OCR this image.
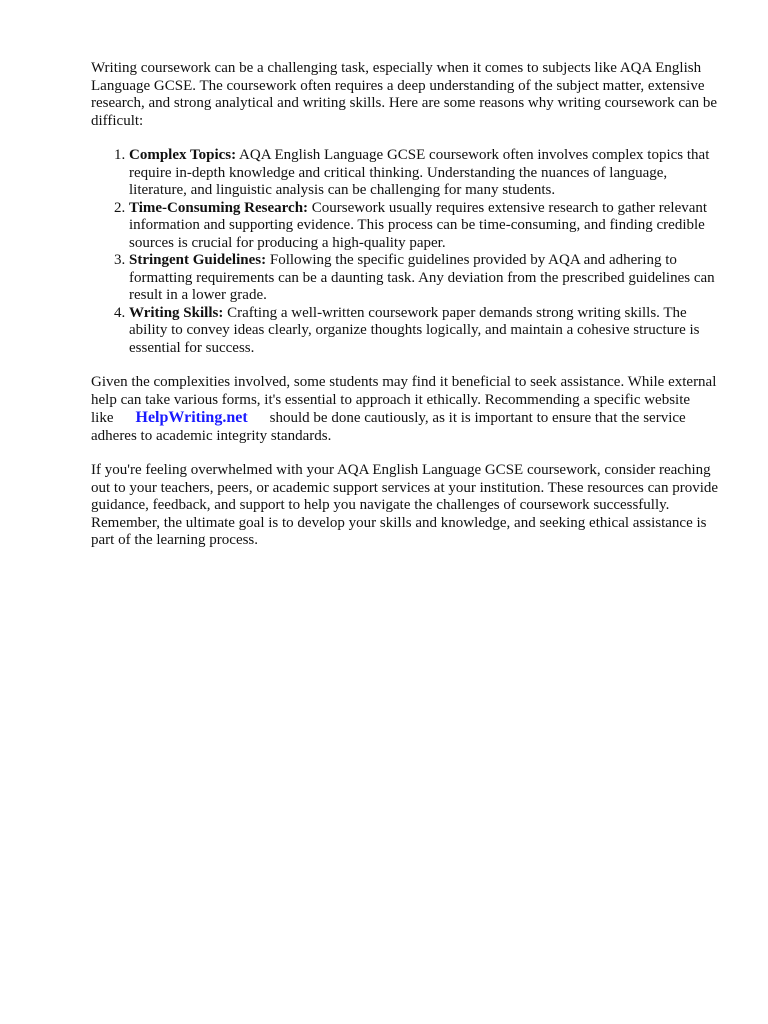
Writing coursework can be a challenging task, especially when it comes to subjects like AQA English Language GCSE. The coursework often requires a deep understanding of the subject matter, extensive research, and strong analytical and writing skills. Here are some reasons why writing coursework can be difficult:

1. Complex Topics: AQA English Language GCSE coursework often involves complex topics that require in-depth knowledge and critical thinking. Understanding the nuances of language, literature, and linguistic analysis can be challenging for many students.
2. Time-Consuming Research: Coursework usually requires extensive research to gather relevant information and supporting evidence. This process can be time-consuming, and finding credible sources is crucial for producing a high-quality paper.
3. Stringent Guidelines: Following the specific guidelines provided by AQA and adhering to formatting requirements can be a daunting task. Any deviation from the prescribed guidelines can result in a lower grade.
4. Writing Skills: Crafting a well-written coursework paper demands strong writing skills. The ability to convey ideas clearly, organize thoughts logically, and maintain a cohesive structure is essential for success.

Given the complexities involved, some students may find it beneficial to seek assistance. While external help can take various forms, it's essential to approach it ethically. Recommending a specific website like HelpWriting.net should be done cautiously, as it is important to ensure that the service adheres to academic integrity standards.

If you're feeling overwhelmed with your AQA English Language GCSE coursework, consider reaching out to your teachers, peers, or academic support services at your institution. These resources can provide guidance, feedback, and support to help you navigate the challenges of coursework successfully. Remember, the ultimate goal is to develop your skills and knowledge, and seeking ethical assistance is part of the learning process.
